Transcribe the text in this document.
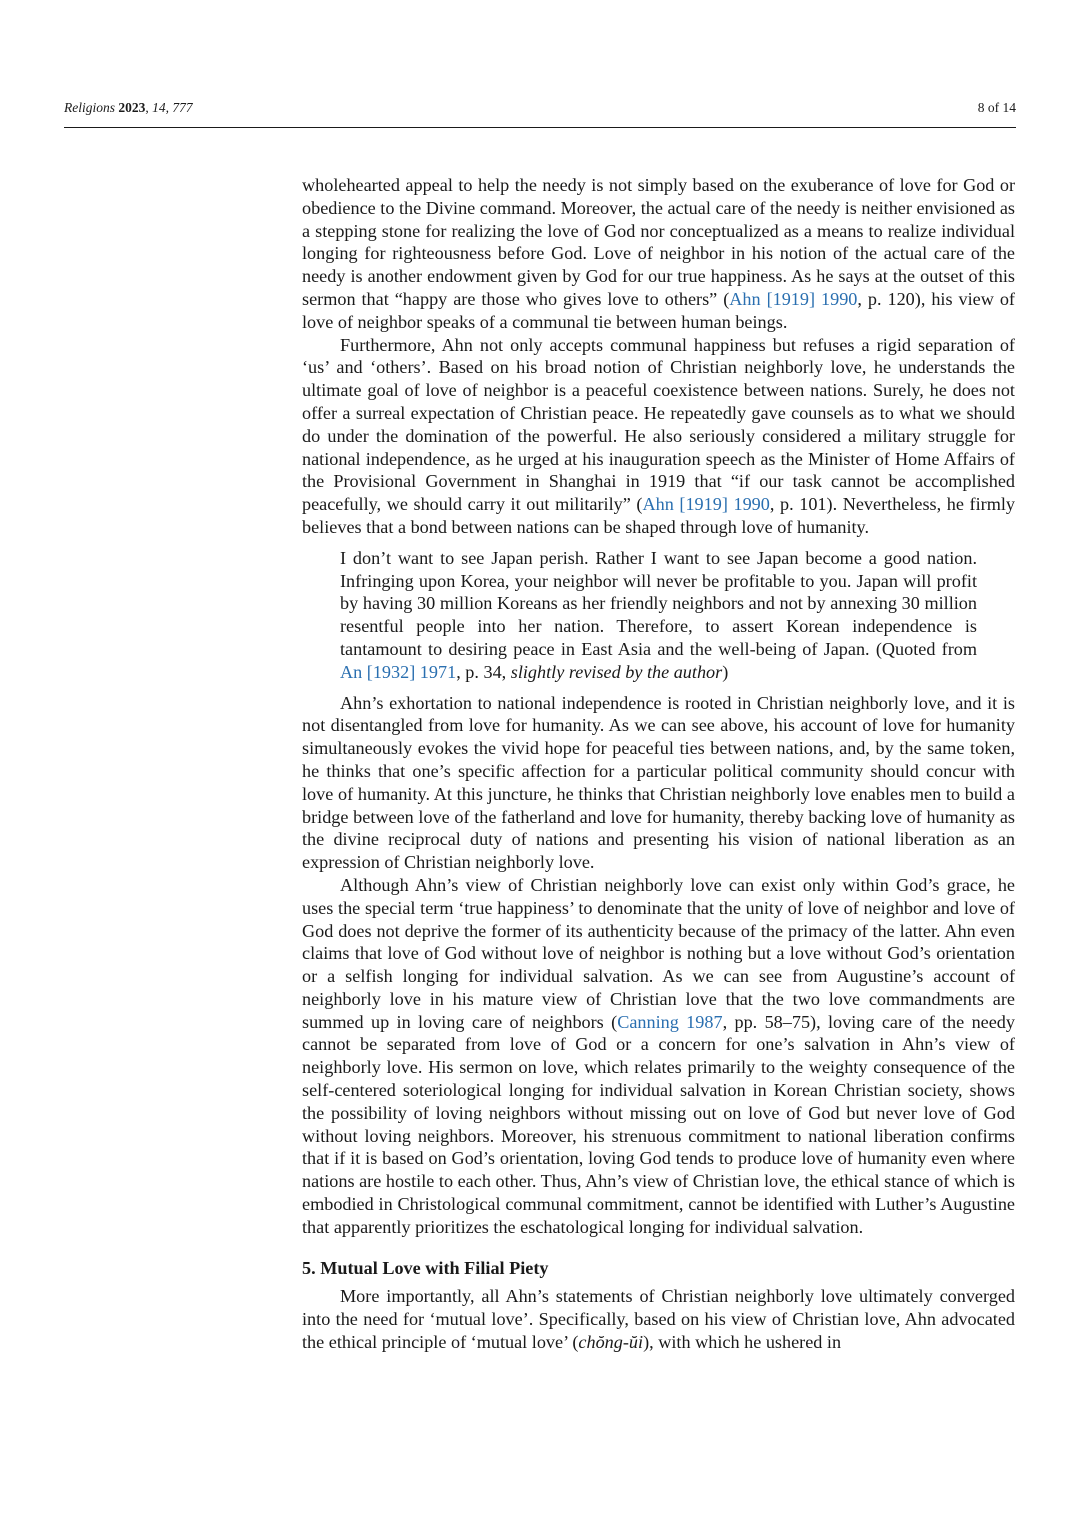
Religions 2023, 14, 777	8 of 14

wholehearted appeal to help the needy is not simply based on the exuberance of love for God or obedience to the Divine command. Moreover, the actual care of the needy is neither envisioned as a stepping stone for realizing the love of God nor conceptualized as a means to realize individual longing for righteousness before God. Love of neighbor in his notion of the actual care of the needy is another endowment given by God for our true happiness. As he says at the outset of this sermon that “happy are those who gives love to others” (Ahn [1919] 1990, p. 120), his view of love of neighbor speaks of a communal tie between human beings.

Furthermore, Ahn not only accepts communal happiness but refuses a rigid separation of ‘us’ and ‘others’. Based on his broad notion of Christian neighborly love, he understands the ultimate goal of love of neighbor is a peaceful coexistence between nations. Surely, he does not offer a surreal expectation of Christian peace. He repeatedly gave counsels as to what we should do under the domination of the powerful. He also seriously considered a military struggle for national independence, as he urged at his inauguration speech as the Minister of Home Affairs of the Provisional Government in Shanghai in 1919 that “if our task cannot be accomplished peacefully, we should carry it out militarily” (Ahn [1919] 1990, p. 101). Nevertheless, he firmly believes that a bond between nations can be shaped through love of humanity.

I don’t want to see Japan perish. Rather I want to see Japan become a good nation. Infringing upon Korea, your neighbor will never be profitable to you. Japan will profit by having 30 million Koreans as her friendly neighbors and not by annexing 30 million resentful people into her nation. Therefore, to assert Korean independence is tantamount to desiring peace in East Asia and the well-being of Japan. (Quoted from An [1932] 1971, p. 34, slightly revised by the author)

Ahn’s exhortation to national independence is rooted in Christian neighborly love, and it is not disentangled from love for humanity. As we can see above, his account of love for humanity simultaneously evokes the vivid hope for peaceful ties between nations, and, by the same token, he thinks that one’s specific affection for a particular political community should concur with love of humanity. At this juncture, he thinks that Christian neighborly love enables men to build a bridge between love of the fatherland and love for humanity, thereby backing love of humanity as the divine reciprocal duty of nations and presenting his vision of national liberation as an expression of Christian neighborly love.

Although Ahn’s view of Christian neighborly love can exist only within God’s grace, he uses the special term ‘true happiness’ to denominate that the unity of love of neighbor and love of God does not deprive the former of its authenticity because of the primacy of the latter. Ahn even claims that love of God without love of neighbor is nothing but a love without God’s orientation or a selfish longing for individual salvation. As we can see from Augustine’s account of neighborly love in his mature view of Christian love that the two love commandments are summed up in loving care of neighbors (Canning 1987, pp. 58–75), loving care of the needy cannot be separated from love of God or a concern for one’s salvation in Ahn’s view of neighborly love. His sermon on love, which relates primarily to the weighty consequence of the self-centered soteriological longing for individual salvation in Korean Christian society, shows the possibility of loving neighbors without missing out on love of God but never love of God without loving neighbors. Moreover, his strenuous commitment to national liberation confirms that if it is based on God’s orientation, loving God tends to produce love of humanity even where nations are hostile to each other. Thus, Ahn’s view of Christian love, the ethical stance of which is embodied in Christological communal commitment, cannot be identified with Luther’s Augustine that apparently prioritizes the eschatological longing for individual salvation.

5. Mutual Love with Filial Piety

More importantly, all Ahn’s statements of Christian neighborly love ultimately converged into the need for ‘mutual love’. Specifically, based on his view of Christian love, Ahn advocated the ethical principle of ‘mutual love’ (chŏng-ŭi), with which he ushered in
